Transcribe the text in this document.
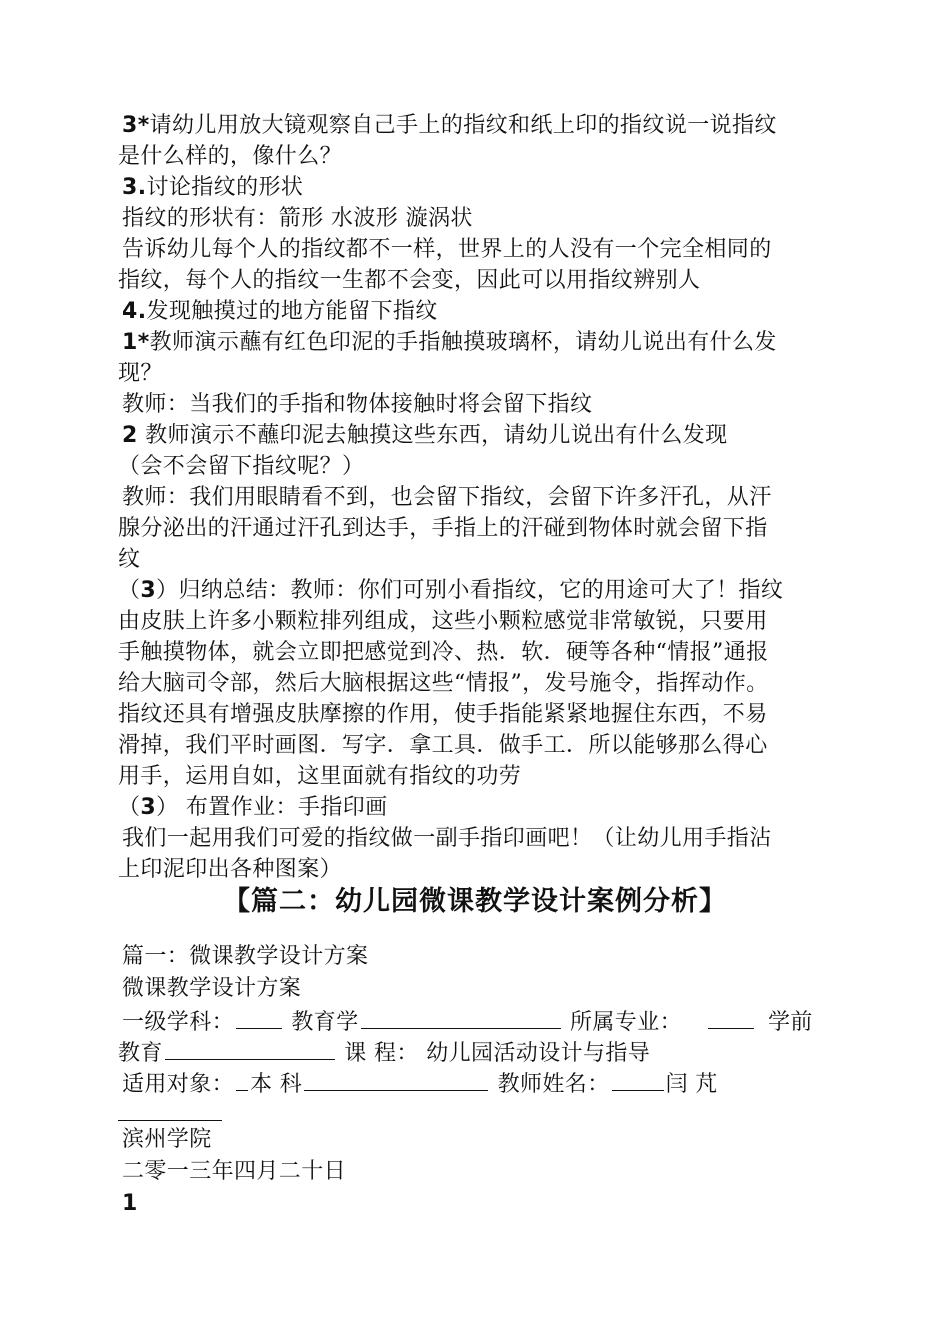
3*请幼儿用放大镜观察自己手上的指纹和纸上印的指纹说一说指纹
是什么样的，像什么？
3.讨论指纹的形状
指纹的形状有：箭形 水波形 漩涡状
告诉幼儿每个人的指纹都不一样，世界上的人没有一个完全相同的
指纹，每个人的指纹一生都不会变，因此可以用指纹辨别人
4.发现触摸过的地方能留下指纹
1*教师演示蘸有红色印泥的手指触摸玻璃杯，请幼儿说出有什么发
现？
教师：当我们的手指和物体接触时将会留下指纹
2 教师演示不蘸印泥去触摸这些东西，请幼儿说出有什么发现
（会不会留下指纹呢？）
教师：我们用眼睛看不到，也会留下指纹，会留下许多汗孔，从汗
腺分泌出的汗通过汗孔到达手，手指上的汗碰到物体时就会留下指
纹
（3）归纳总结：教师：你们可别小看指纹，它的用途可大了！指纹
由皮肤上许多小颗粒排列组成，这些小颗粒感觉非常敏锐，只要用
手触摸物体，就会立即把感觉到冷、热．软．硬等各种“情报”通报
给大脑司令部，然后大脑根据这些“情报”，发号施令，指挥动作。
指纹还具有增强皮肤摩擦的作用，使手指能紧紧地握住东西，不易
滑掉，我们平时画图．写字．拿工具．做手工．所以能够那么得心
用手，运用自如，这里面就有指纹的功劳
（3） 布置作业：手指印画
我们一起用我们可爱的指纹做一副手指印画吧！（让幼儿用手指沾
上印泥印出各种图案）
【篇二：幼儿园微课教学设计案例分析】
篇一：微课教学设计方案
微课教学设计方案
一级学科： 教育学	所属专业：	学前
教育	课 程： 幼儿园活动设计与指导
适用对象： 本 科	教师姓名：	闫 芃
滨州学院
二零一三年四月二十日
1
